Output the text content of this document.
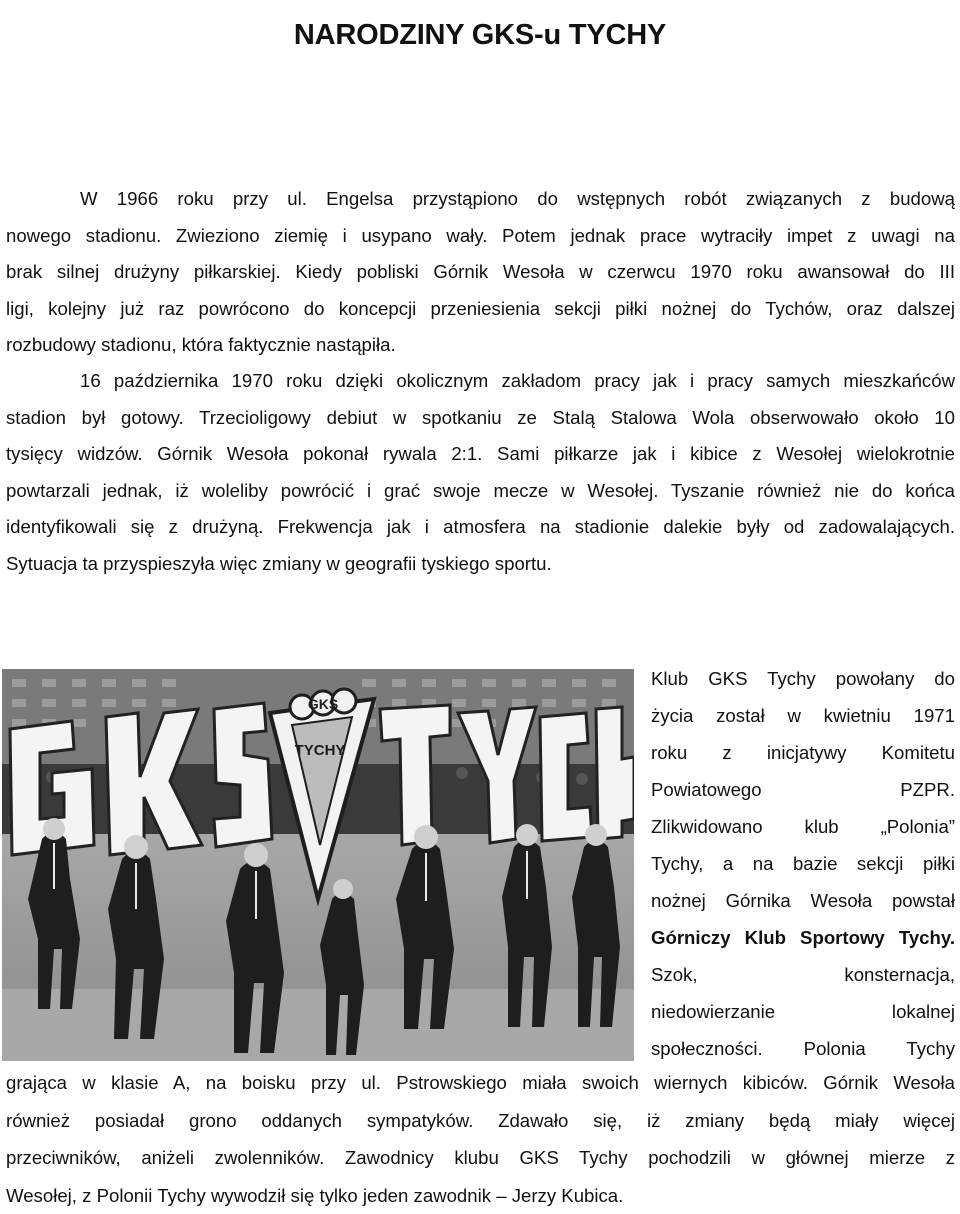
NARODZINY GKS-u TYCHY
W 1966 roku przy ul. Engelsa przystąpiono do wstępnych robót związanych z budową
nowego stadionu. Zwieziono ziemię i usypano wały. Potem jednak prace wytraciły impet z uwagi na
brak silnej drużyny piłkarskiej. Kiedy pobliski Górnik Wesoła w czerwcu 1970 roku awansował do III
ligi, kolejny już raz powrócono do koncepcji przeniesienia sekcji piłki nożnej do Tychów, oraz dalszej
rozbudowy stadionu, która faktycznie nastąpiła.
16 października 1970 roku dzięki okolicznym zakładom pracy jak i pracy samych mieszkańców
stadion był gotowy. Trzecioligowy debiut w spotkaniu ze Stalą Stalowa Wola obserwowało około 10
tysięcy widzów. Górnik Wesoła pokonał rywala 2:1. Sami piłkarze jak i kibice z Wesołej wielokrotnie
powtarzali jednak, iż woleliby powrócić i grać swoje mecze w Wesołej. Tyszanie również nie do końca
identyfikowali się z drużyną. Frekwencja jak i atmosfera na stadionie dalekie były od zadowalających.
Sytuacja ta przyspieszyła więc zmiany w geografii tyskiego sportu.
GKS
TYCHY
Klub GKS Tychy powołany do
życia został w kwietniu 1971
roku z inicjatywy Komitetu
Powiatowego PZPR.
Zlikwidowano klub „Polonia”
Tychy, a na bazie sekcji piłki
nożnej Górnika Wesoła powstał
Górniczy Klub Sportowy Tychy.
Szok, konsternacja,
niedowierzanie lokalnej
społeczności. Polonia Tychy
grająca w klasie A, na boisku przy ul. Pstrowskiego miała swoich wiernych kibiców. Górnik Wesoła
również posiadał grono oddanych sympatyków. Zdawało się, iż zmiany będą miały więcej
przeciwników, aniżeli zwolenników. Zawodnicy klubu GKS Tychy pochodzili w głównej mierze z
Wesołej, z Polonii Tychy wywodził się tylko jeden zawodnik – Jerzy Kubica.
